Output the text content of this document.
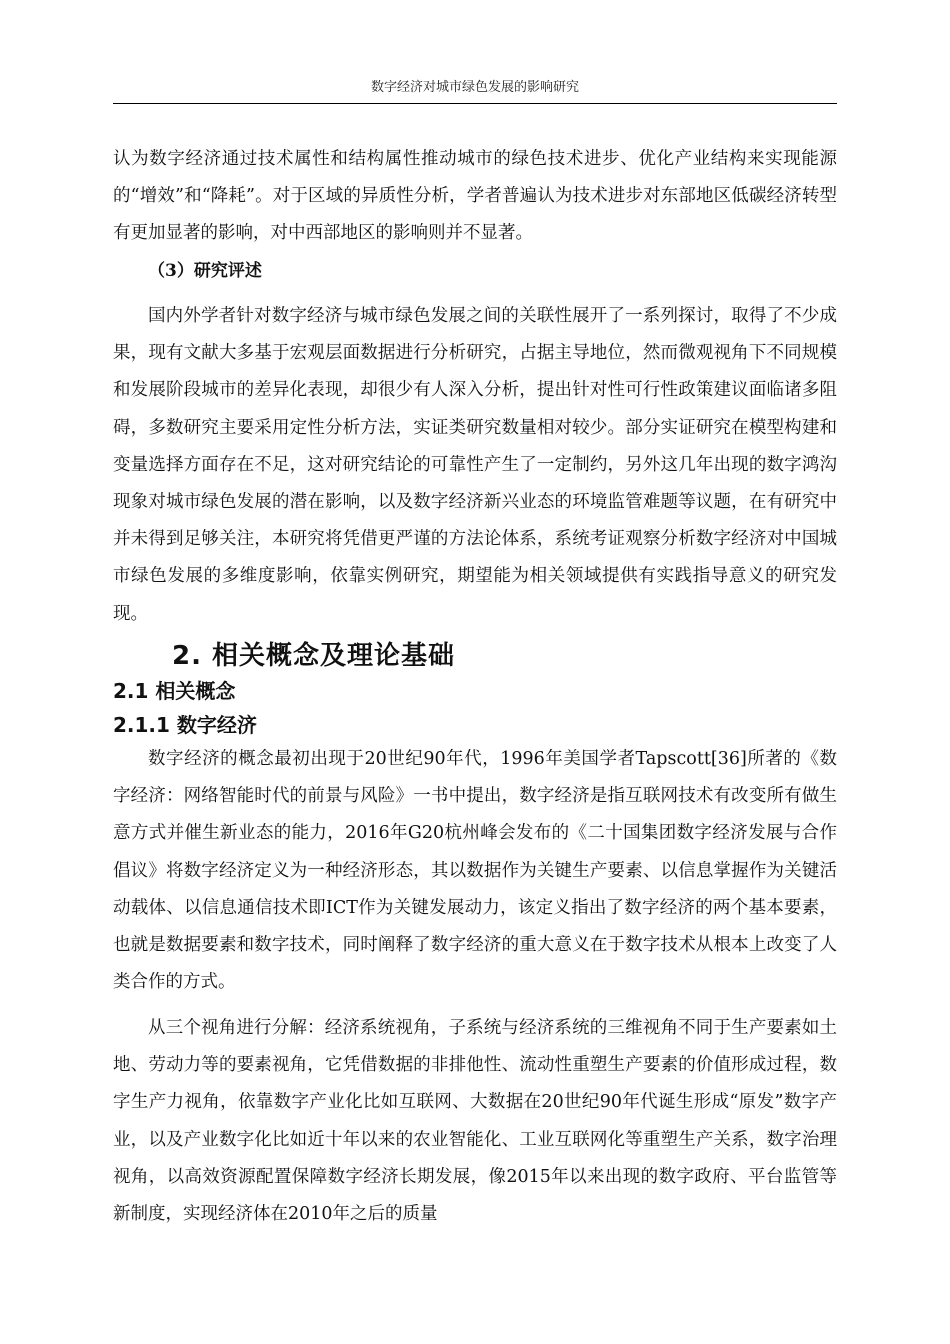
数字经济对城市绿色发展的影响研究

认为数字经济通过技术属性和结构属性推动城市的绿色技术进步、优化产业结构来实现能源的“增效”和“降耗”。对于区域的异质性分析，学者普遍认为技术进步对东部地区低碳经济转型有更加显著的影响，对中西部地区的影响则并不显著。

（3）研究评述

国内外学者针对数字经济与城市绿色发展之间的关联性展开了一系列探讨，取得了不少成果，现有文献大多基于宏观层面数据进行分析研究，占据主导地位，然而微观视角下不同规模和发展阶段城市的差异化表现，却很少有人深入分析，提出针对性可行性政策建议面临诸多阻碍，多数研究主要采用定性分析方法，实证类研究数量相对较少。部分实证研究在模型构建和变量选择方面存在不足，这对研究结论的可靠性产生了一定制约，另外这几年出现的数字鸿沟现象对城市绿色发展的潜在影响，以及数字经济新兴业态的环境监管难题等议题，在有研究中并未得到足够关注，本研究将凭借更严谨的方法论体系，系统考证观察分析数字经济对中国城市绿色发展的多维度影响，依靠实例研究，期望能为相关领域提供有实践指导意义的研究发现。

2. 相关概念及理论基础
2.1 相关概念
2.1.1 数字经济

数字经济的概念最初出现于20世纪90年代，1996年美国学者Tapscott[36]所著的《数字经济：网络智能时代的前景与风险》一书中提出，数字经济是指互联网技术有改变所有做生意方式并催生新业态的能力，2016年G20杭州峰会发布的《二十国集团数字经济发展与合作倡议》将数字经济定义为一种经济形态，其以数据作为关键生产要素、以信息掌握作为关键活动载体、以信息通信技术即ICT作为关键发展动力，该定义指出了数字经济的两个基本要素，也就是数据要素和数字技术，同时阐释了数字经济的重大意义在于数字技术从根本上改变了人类合作的方式。

从三个视角进行分解：经济系统视角，子系统与经济系统的三维视角不同于生产要素如土地、劳动力等的要素视角，它凭借数据的非排他性、流动性重塑生产要素的价值形成过程，数字生产力视角，依靠数字产业化比如互联网、大数据在20世纪90年代诞生形成“原发”数字产业，以及产业数字化比如近十年以来的农业智能化、工业互联网化等重塑生产关系，数字治理视角，以高效资源配置保障数字经济长期发展，像2015年以来出现的数字政府、平台监管等新制度，实现经济体在2010年之后的质量
